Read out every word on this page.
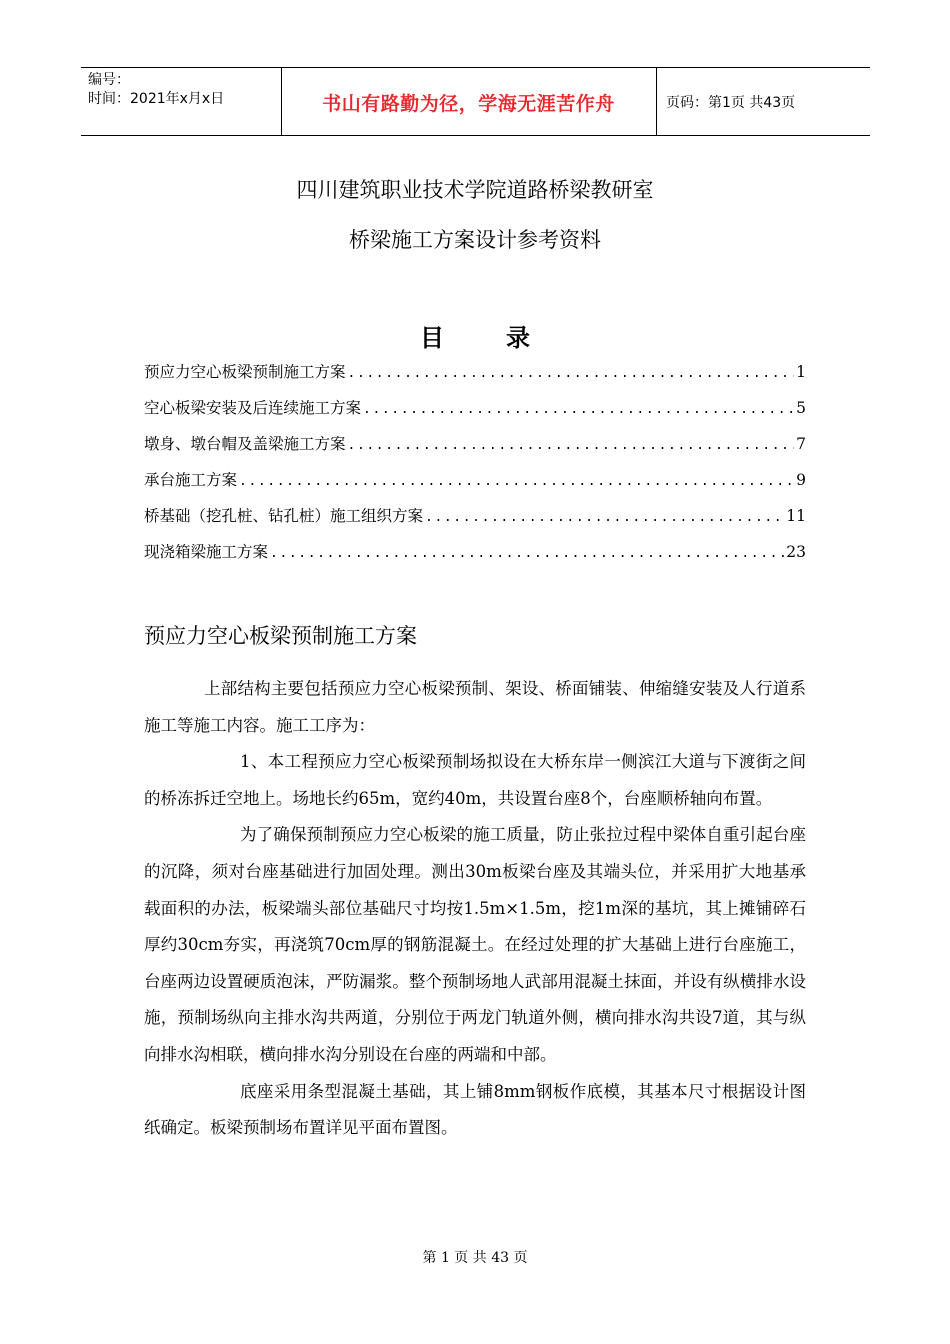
编号：
时间：2021年x月x日	书山有路勤为径，学海无涯苦作舟	页码：第1页 共43页
四川建筑职业技术学院道路桥梁教研室
桥梁施工方案设计参考资料
目	录
预应力空心板梁预制施工方案 .....	1
空心板梁安装及后连续施工方案 .....	5
墩身、墩台帽及盖梁施工方案 .....	7
承台施工方案 .....	9
桥基础（挖孔桩、钻孔桩）施工组织方案 .....	11
现浇箱梁施工方案 .....	23
预应力空心板梁预制施工方案

上部结构主要包括预应力空心板梁预制、架设、桥面铺装、伸缩缝安装及人行道系施工等施工内容。施工工序为：

1、本工程预应力空心板梁预制场拟设在大桥东岸一侧滨江大道与下渡街之间的桥冻拆迁空地上。场地长约65m，宽约40m，共设置台座8个，台座顺桥轴向布置。

为了确保预制预应力空心板梁的施工质量，防止张拉过程中梁体自重引起台座的沉降，须对台座基础进行加固处理。测出30m板梁台座及其端头位，并采用扩大地基承载面积的办法，板梁端头部位基础尺寸均按1.5m×1.5m，挖1m深的基坑，其上摊铺碎石厚约30cm夯实，再浇筑70cm厚的钢筋混凝土。在经过处理的扩大基础上进行台座施工，台座两边设置硬质泡沫，严防漏浆。整个预制场地人武部用混凝土抹面，并设有纵横排水设施，预制场纵向主排水沟共两道，分别位于两龙门轨道外侧，横向排水沟共设7道，其与纵向排水沟相联，横向排水沟分别设在台座的两端和中部。

底座采用条型混凝土基础，其上铺8mm钢板作底模，其基本尺寸根据设计图纸确定。板梁预制场布置详见平面布置图。

第 1 页 共 43 页
